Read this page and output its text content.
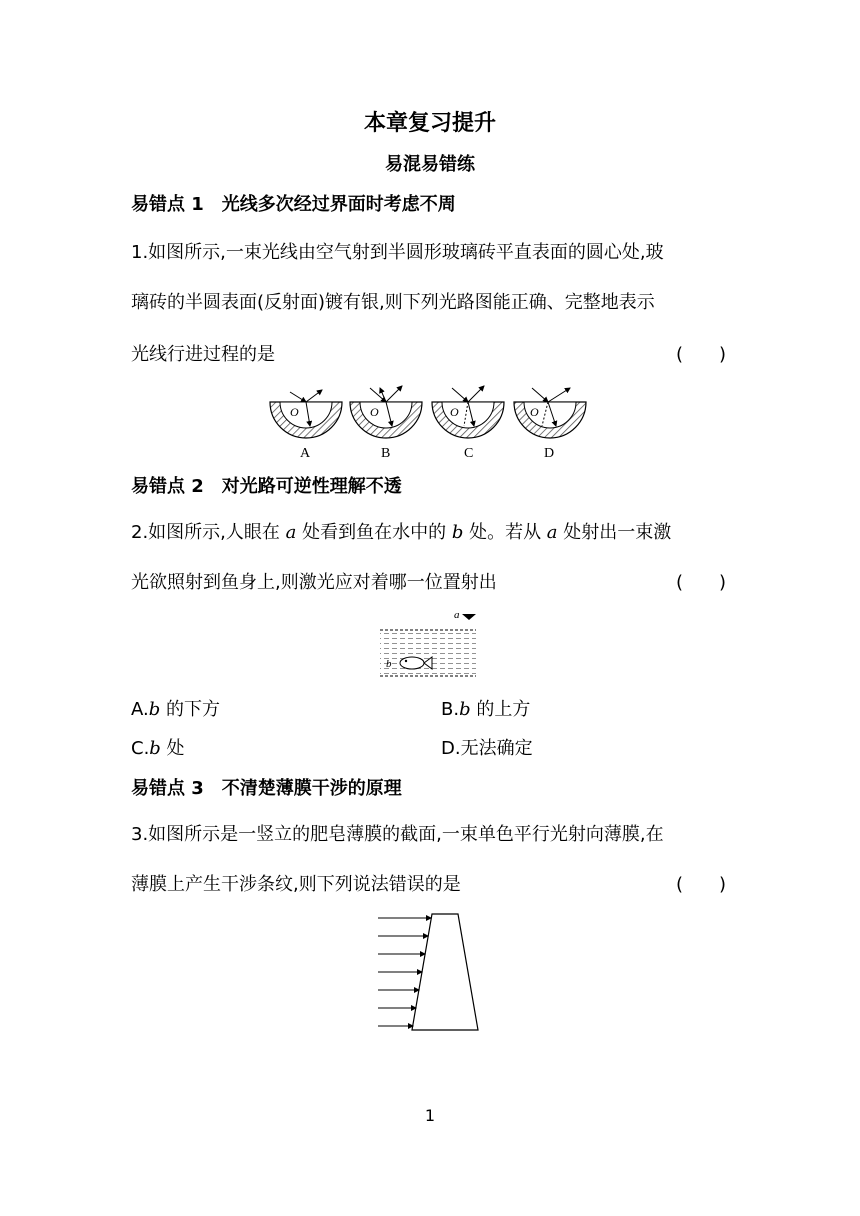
本章复习提升
易混易错练
易错点 1　光线多次经过界面时考虑不周
1.如图所示,一束光线由空气射到半圆形玻璃砖平直表面的圆心处,玻
璃砖的半圆表面(反射面)镀有银,则下列光路图能正确、完整地表示
光线行进过程的是	(　　)
O
A
O
B
O
C
O
D
易错点 2　对光路可逆性理解不透
2.如图所示,人眼在 a 处看到鱼在水中的 b 处。若从 a 处射出一束激
光欲照射到鱼身上,则激光应对着哪一位置射出	(　　)
a
b
A.b 的下方	B.b 的上方
C.b 处	D.无法确定
易错点 3　不清楚薄膜干涉的原理
3.如图所示是一竖立的肥皂薄膜的截面,一束单色平行光射向薄膜,在
薄膜上产生干涉条纹,则下列说法错误的是	(　　)
1
